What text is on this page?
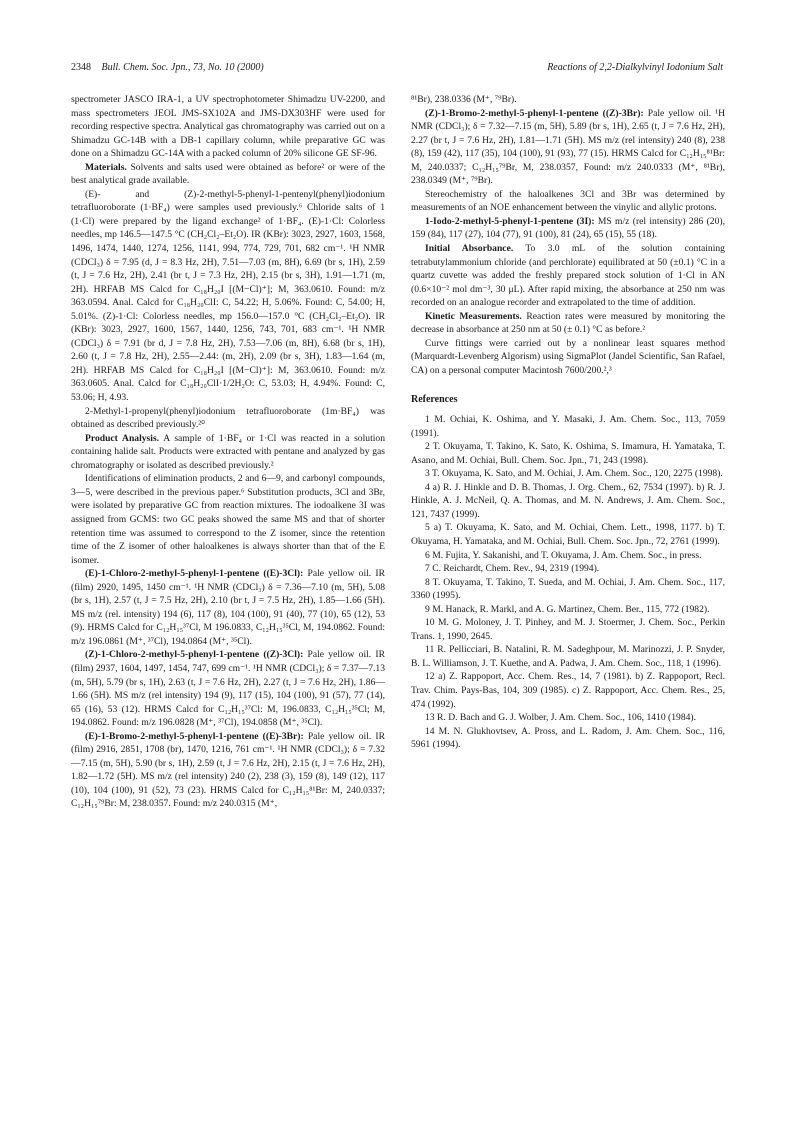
2348 Bull. Chem. Soc. Jpn., 73, No. 10 (2000)	Reactions of 2,2-Dialkylvinyl Iodonium Salt

spectrometer JASCO IRA-1, a UV spectrophotometer Shimadzu UV-2200, and mass spectrometers JEOL JMS-SX102A and JMS-DX303HF were used for recording respective spectra. Analytical gas chromatography was carried out on a Shimadzu GC-14B with a DB-1 capillary column, while preparative GC was done on a Shimadzu GC-14A with a packed column of 20% silicone GE SF-96.

Materials. Solvents and salts used were obtained as before² or were of the best analytical grade available.

(E)- and (Z)-2-methyl-5-phenyl-1-pentenyl(phenyl)iodonium tetrafluoroborate (1·BF₄) were samples used previously.⁶ Chloride salts of 1 (1·Cl) were prepared by the ligand exchange² of 1·BF₄. (E)-1·Cl: Colorless needles, mp 146.5—147.5 °C (CH₂Cl₂–Et₂O). IR (KBr): 3023, 2927, 1603, 1568, 1496, 1474, 1440, 1274, 1256, 1141, 994, 774, 729, 701, 682 cm⁻¹. ¹H NMR (CDCl₃) δ = 7.95 (d, J = 8.3 Hz, 2H), 7.51—7.03 (m, 8H), 6.69 (br s, 1H), 2.59 (t, J = 7.6 Hz, 2H), 2.41 (br t, J = 7.3 Hz, 2H), 2.15 (br s, 3H), 1.91—1.71 (m, 2H). HRFAB MS Calcd for C₁₈H₂₀I [(M−Cl)⁺]; M, 363.0610. Found: m/z 363.0594. Anal. Calcd for C₁₈H₂₀ClI: C, 54.22; H, 5.06%. Found: C, 54.00; H, 5.01%. (Z)-1·Cl: Colorless needles, mp 156.0—157.0 °C (CH₂Cl₂–Et₂O). IR (KBr): 3023, 2927, 1600, 1567, 1440, 1256, 743, 701, 683 cm⁻¹. ¹H NMR (CDCl₃) δ = 7.91 (br d, J = 7.8 Hz, 2H), 7.53—7.06 (m, 8H), 6.68 (br s, 1H), 2.60 (t, J = 7.8 Hz, 2H), 2.55—2.44: (m, 2H), 2.09 (br s, 3H), 1.83—1.64 (m, 2H). HRFAB MS Calcd for C₁₈H₂₀I [(M−Cl)⁺]: M, 363.0610. Found: m/z 363.0605. Anal. Calcd for C₁₈H₂₀ClI·1/2H₂O: C, 53.03; H, 4.94%. Found: C, 53.06; H, 4.93.

2-Methyl-1-propenyl(phenyl)iodonium tetrafluoroborate (1m·BF₄) was obtained as described previously.²⁰

Product Analysis. A sample of 1·BF₄ or 1·Cl was reacted in a solution containing halide salt. Products were extracted with pentane and analyzed by gas chromatography or isolated as described previously.²

Identifications of elimination products, 2 and 6—9, and carbonyl compounds, 3—5, were described in the previous paper.⁶ Substitution products, 3Cl and 3Br, were isolated by preparative GC from reaction mixtures. The iodoalkene 3I was assigned from GCMS: two GC peaks showed the same MS and that of shorter retention time was assumed to correspond to the Z isomer, since the retention time of the Z isomer of other haloalkenes is always shorter than that of the E isomer.

(E)-1-Chloro-2-methyl-5-phenyl-1-pentene ((E)-3Cl): Pale yellow oil. IR (film) 2920, 1495, 1450 cm⁻¹. ¹H NMR (CDCl₃) δ = 7.36—7.10 (m, 5H), 5.08 (br s, 1H), 2.57 (t, J = 7.5 Hz, 2H), 2.10 (br t, J = 7.5 Hz, 2H), 1.85—1.66 (5H). MS m/z (rel. intensity) 194 (6), 117 (8), 104 (100), 91 (40), 77 (10), 65 (12), 53 (9). HRMS Calcd for C₁₂H₁₅³⁷Cl, M 196.0833, C₁₂H₁₅³⁵Cl, M, 194.0862. Found: m/z 196.0861 (M⁺, ³⁷Cl), 194.0864 (M⁺, ³⁵Cl).

(Z)-1-Chloro-2-methyl-5-phenyl-1-pentene ((Z)-3Cl): Pale yellow oil. IR (film) 2937, 1604, 1497, 1454, 747, 699 cm⁻¹. ¹H NMR (CDCl₃); δ = 7.37—7.13 (m, 5H), 5.79 (br s, 1H), 2.63 (t, J = 7.6 Hz, 2H), 2.27 (t, J = 7.6 Hz, 2H), 1.86—1.66 (5H). MS m/z (rel intensity) 194 (9), 117 (15), 104 (100), 91 (57), 77 (14), 65 (16), 53 (12). HRMS Calcd for C₁₂H₁₅³⁷Cl: M, 196.0833, C₁₂H₁₅³⁵Cl; M, 194.0862. Found: m/z 196.0828 (M⁺, ³⁷Cl), 194.0858 (M⁺, ³⁵Cl).

(E)-1-Bromo-2-methyl-5-phenyl-1-pentene ((E)-3Br): Pale yellow oil. IR (film) 2916, 2851, 1708 (br), 1470, 1216, 761 cm⁻¹. ¹H NMR (CDCl₃); δ = 7.32—7.15 (m, 5H), 5.90 (br s, 1H), 2.59 (t, J = 7.6 Hz, 2H), 2.15 (t, J = 7.6 Hz, 2H), 1.82—1.72 (5H). MS m/z (rel intensity) 240 (2), 238 (3), 159 (8), 149 (12), 117 (10), 104 (100), 91 (52), 73 (23). HRMS Calcd for C₁₂H₁₅⁸¹Br: M, 240.0337; C₁₂H₁₅⁷⁹Br: M, 238.0357. Found: m/z 240.0315 (M⁺,

⁸¹Br), 238.0336 (M⁺, ⁷⁹Br).

(Z)-1-Bromo-2-methyl-5-phenyl-1-pentene ((Z)-3Br): Pale yellow oil. ¹H NMR (CDCl₃); δ = 7.32—7.15 (m, 5H), 5.89 (br s, 1H), 2.65 (t, J = 7.6 Hz, 2H), 2.27 (br t, J = 7.6 Hz, 2H), 1.81—1.71 (5H). MS m/z (rel intensity) 240 (8), 238 (8), 159 (42), 117 (35), 104 (100), 91 (93), 77 (15). HRMS Calcd for C₁₂H₁₅⁸¹Br: M, 240.0337; C₁₂H₁₅⁷⁹Br, M, 238.0357, Found: m/z 240.0333 (M⁺, ⁸¹Br), 238.0349 (M⁺, ⁷⁹Br).

Stereochemistry of the haloalkenes 3Cl and 3Br was determined by measurements of an NOE enhancement between the vinylic and allylic protons.

1-Iodo-2-methyl-5-phenyl-1-pentene (3I): MS m/z (rel intensity) 286 (20), 159 (84), 117 (27), 104 (77), 91 (100), 81 (24), 65 (15), 55 (18).

Initial Absorbance. To 3.0 mL of the solution containing tetrabutylammonium chloride (and perchlorate) equilibrated at 50 (±0.1) °C in a quartz cuvette was added the freshly prepared stock solution of 1·Cl in AN (0.6×10⁻² mol dm⁻³, 30 μL). After rapid mixing, the absorbance at 250 nm was recorded on an analogue recorder and extrapolated to the time of addition.

Kinetic Measurements. Reaction rates were measured by monitoring the decrease in absorbance at 250 nm at 50 (± 0.1) °C as before.²

Curve fittings were carried out by a nonlinear least squares method (Marquardt-Levenberg Algorism) using SigmaPlot (Jandel Scientific, San Rafael, CA) on a personal computer Macintosh 7600/200.²,³

References

1 M. Ochiai, K. Oshima, and Y. Masaki, J. Am. Chem. Soc., 113, 7059 (1991).

2 T. Okuyama, T. Takino, K. Sato, K. Oshima, S. Imamura, H. Yamataka, T. Asano, and M. Ochiai, Bull. Chem. Soc. Jpn., 71, 243 (1998).

3 T. Okuyama, K. Sato, and M. Ochiai, J. Am. Chem. Soc., 120, 2275 (1998).

4 a) R. J. Hinkle and D. B. Thomas, J. Org. Chem., 62, 7534 (1997). b) R. J. Hinkle, A. J. McNeil, Q. A. Thomas, and M. N. Andrews, J. Am. Chem. Soc., 121, 7437 (1999).

5 a) T. Okuyama, K. Sato, and M. Ochiai, Chem. Lett., 1998, 1177. b) T. Okuyama, H. Yamataka, and M. Ochiai, Bull. Chem. Soc. Jpn., 72, 2761 (1999).

6 M. Fujita, Y. Sakanishi, and T. Okuyama, J. Am. Chem. Soc., in press.

7 C. Reichardt, Chem. Rev., 94, 2319 (1994).

8 T. Okuyama, T. Takino, T. Sueda, and M. Ochiai, J. Am. Chem. Soc., 117, 3360 (1995).

9 M. Hanack, R. Markl, and A. G. Martinez, Chem. Ber., 115, 772 (1982).

10 M. G. Moloney, J. T. Pinhey, and M. J. Stoermer, J. Chem. Soc., Perkin Trans. 1, 1990, 2645.

11 R. Pellicciari, B. Natalini, R. M. Sadeghpour, M. Marinozzi, J. P. Snyder, B. L. Williamson, J. T. Kuethe, and A. Padwa, J. Am. Chem. Soc., 118, 1 (1996).

12 a) Z. Rappoport, Acc. Chem. Res., 14, 7 (1981). b) Z. Rappoport, Recl. Trav. Chim. Pays-Bas, 104, 309 (1985). c) Z. Rappoport, Acc. Chem. Res., 25, 474 (1992).

13 R. D. Bach and G. J. Wolber, J. Am. Chem. Soc., 106, 1410 (1984).

14 M. N. Glukhovtsev, A. Pross, and L. Radom, J. Am. Chem. Soc., 116, 5961 (1994).
